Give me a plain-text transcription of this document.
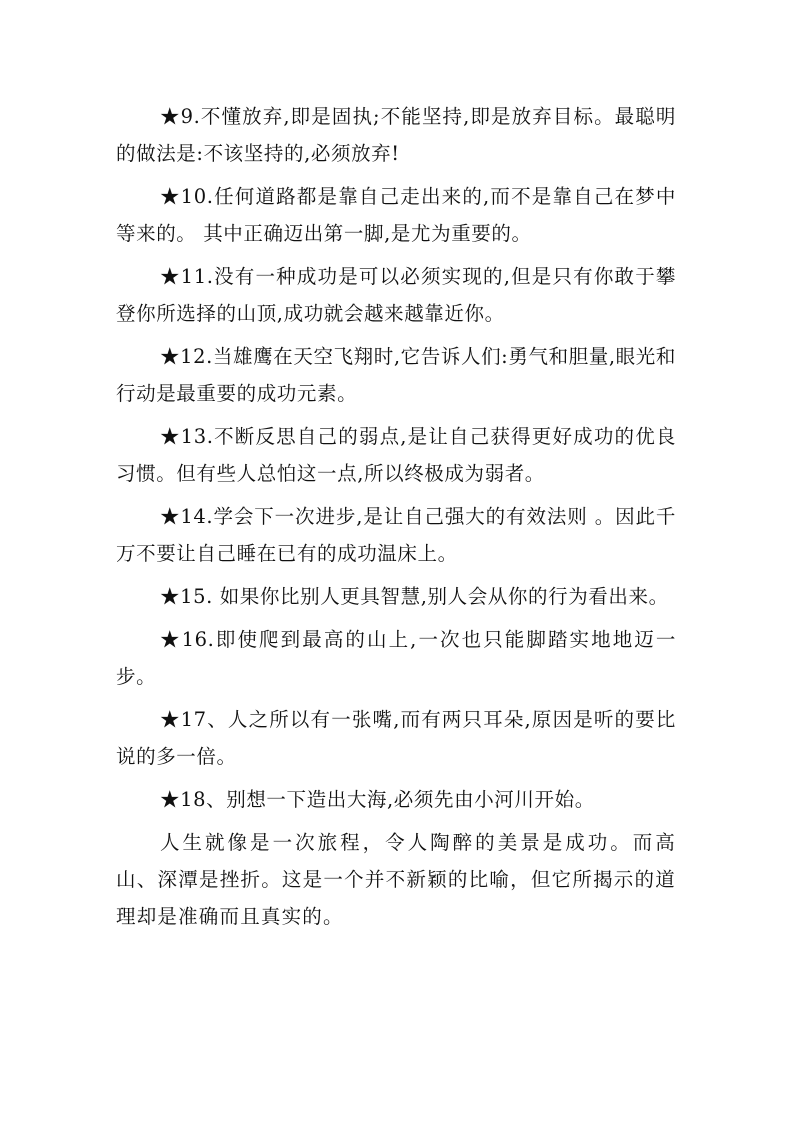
★9.不懂放弃,即是固执;不能坚持,即是放弃目标。最聪明的做法是:不该坚持的,必须放弃!

★10.任何道路都是靠自己走出来的,而不是靠自己在梦中等来的。 其中正确迈出第一脚,是尤为重要的。

★11.没有一种成功是可以必须实现的,但是只有你敢于攀登你所选择的山顶,成功就会越来越靠近你。

★12.当雄鹰在天空飞翔时,它告诉人们:勇气和胆量,眼光和行动是最重要的成功元素。

★13.不断反思自己的弱点,是让自己获得更好成功的优良习惯。但有些人总怕这一点,所以终极成为弱者。

★14.学会下一次进步,是让自己强大的有效法则 。因此千万不要让自己睡在已有的成功温床上。

★15. 如果你比别人更具智慧,别人会从你的行为看出来。

★16.即使爬到最高的山上,一次也只能脚踏实地地迈一步。

★17、人之所以有一张嘴,而有两只耳朵,原因是听的要比说的多一倍。

★18、别想一下造出大海,必须先由小河川开始。

人生就像是一次旅程，令人陶醉的美景是成功。而高山、深潭是挫折。这是一个并不新颖的比喻，但它所揭示的道理却是准确而且真实的。
